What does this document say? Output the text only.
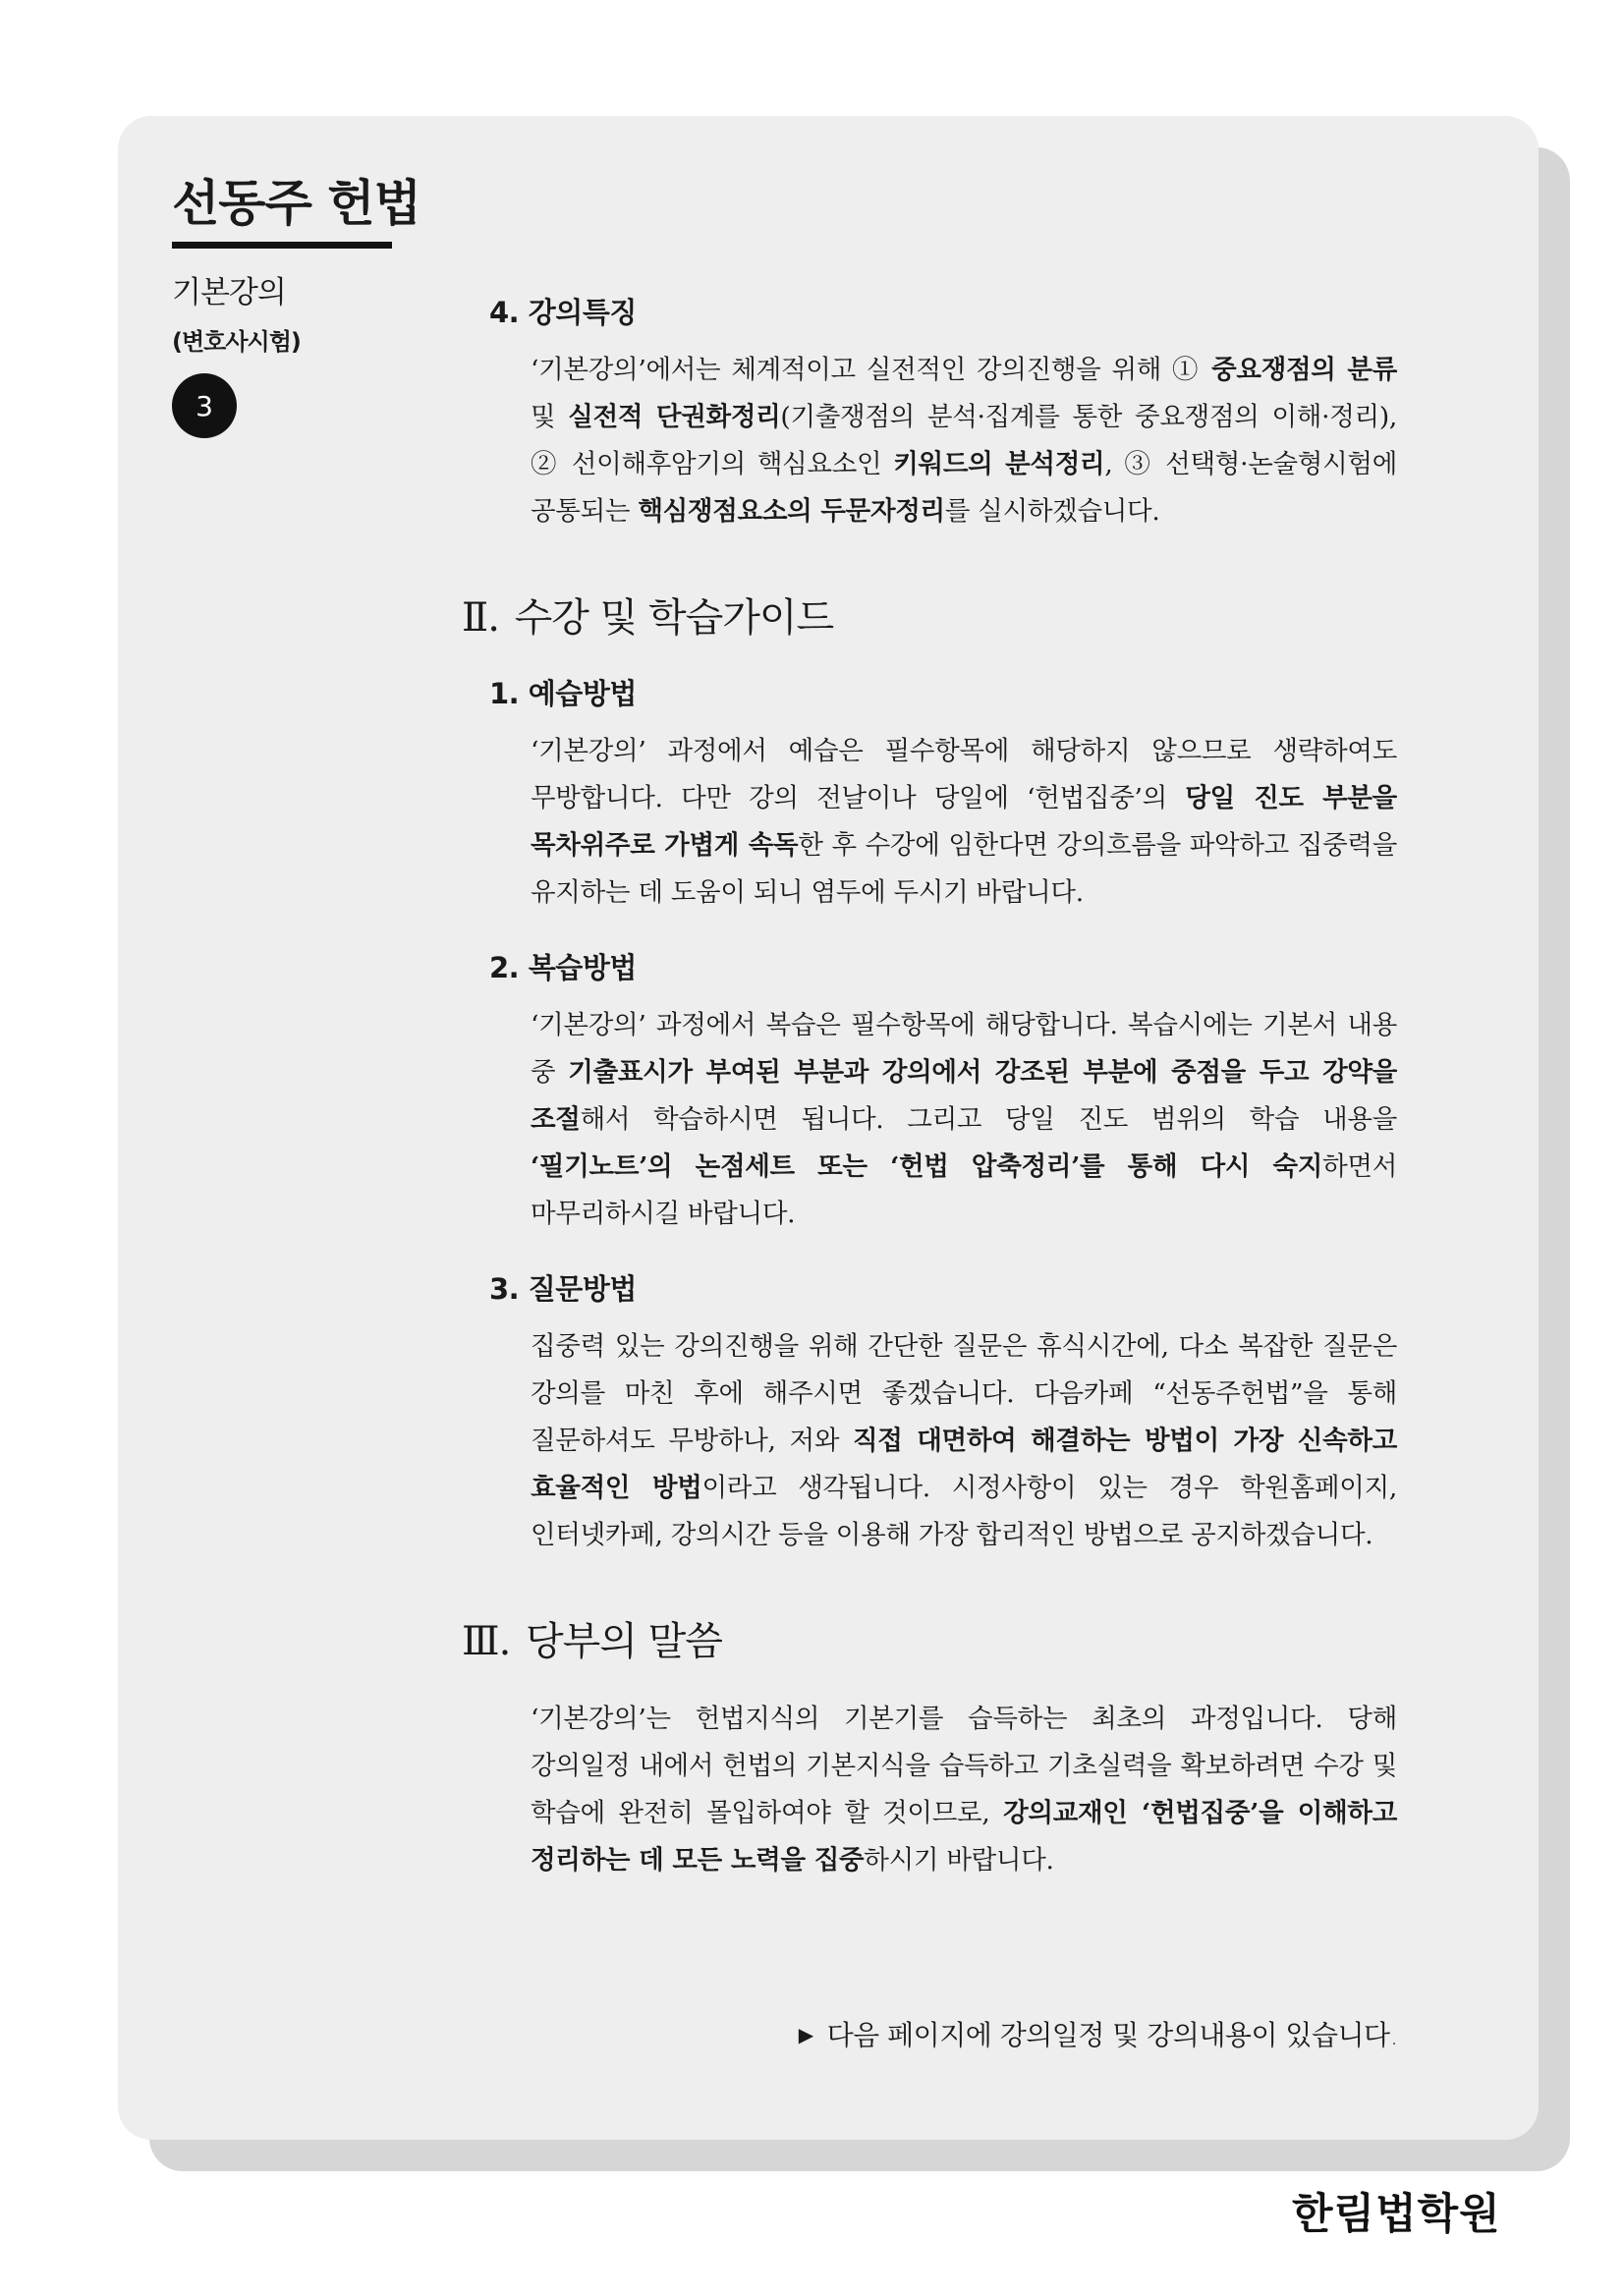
선동주 헌법
기본강의
(변호사시험)
3
4. 강의특징
‘기본강의’에서는 체계적이고 실전적인 강의진행을 위해 ① 중요쟁점의 분류 및 실전적 단권화정리(기출쟁점의 분석·집계를 통한 중요쟁점의 이해·정리), ② 선이해후암기의 핵심요소인 키워드의 분석정리, ③ 선택형·논술형시험에 공통되는 핵심쟁점요소의 두문자정리를 실시하겠습니다.
Ⅱ. 수강 및 학습가이드
1. 예습방법
‘기본강의’ 과정에서 예습은 필수항목에 해당하지 않으므로 생략하여도 무방합니다. 다만 강의 전날이나 당일에 ‘헌법집중’의 당일 진도 부분을 목차위주로 가볍게 속독한 후 수강에 임한다면 강의흐름을 파악하고 집중력을 유지하는 데 도움이 되니 염두에 두시기 바랍니다.
2. 복습방법
‘기본강의’ 과정에서 복습은 필수항목에 해당합니다. 복습시에는 기본서 내용 중 기출표시가 부여된 부분과 강의에서 강조된 부분에 중점을 두고 강약을 조절해서 학습하시면 됩니다. 그리고 당일 진도 범위의 학습 내용을 ‘필기노트’의 논점세트 또는 ‘헌법 압축정리’를 통해 다시 숙지하면서 마무리하시길 바랍니다.
3. 질문방법
집중력 있는 강의진행을 위해 간단한 질문은 휴식시간에, 다소 복잡한 질문은 강의를 마친 후에 해주시면 좋겠습니다. 다음카페 “선동주헌법”을 통해 질문하셔도 무방하나, 저와 직접 대면하여 해결하는 방법이 가장 신속하고 효율적인 방법이라고 생각됩니다. 시정사항이 있는 경우 학원홈페이지, 인터넷카페, 강의시간 등을 이용해 가장 합리적인 방법으로 공지하겠습니다.
Ⅲ. 당부의 말씀
‘기본강의’는 헌법지식의 기본기를 습득하는 최초의 과정입니다. 당해 강의일정 내에서 헌법의 기본지식을 습득하고 기초실력을 확보하려면 수강 및 학습에 완전히 몰입하여야 할 것이므로, 강의교재인 ‘헌법집중’을 이해하고 정리하는 데 모든 노력을 집중하시기 바랍니다.
▶ 다음 페이지에 강의일정 및 강의내용이 있습니다.
한림법학원
